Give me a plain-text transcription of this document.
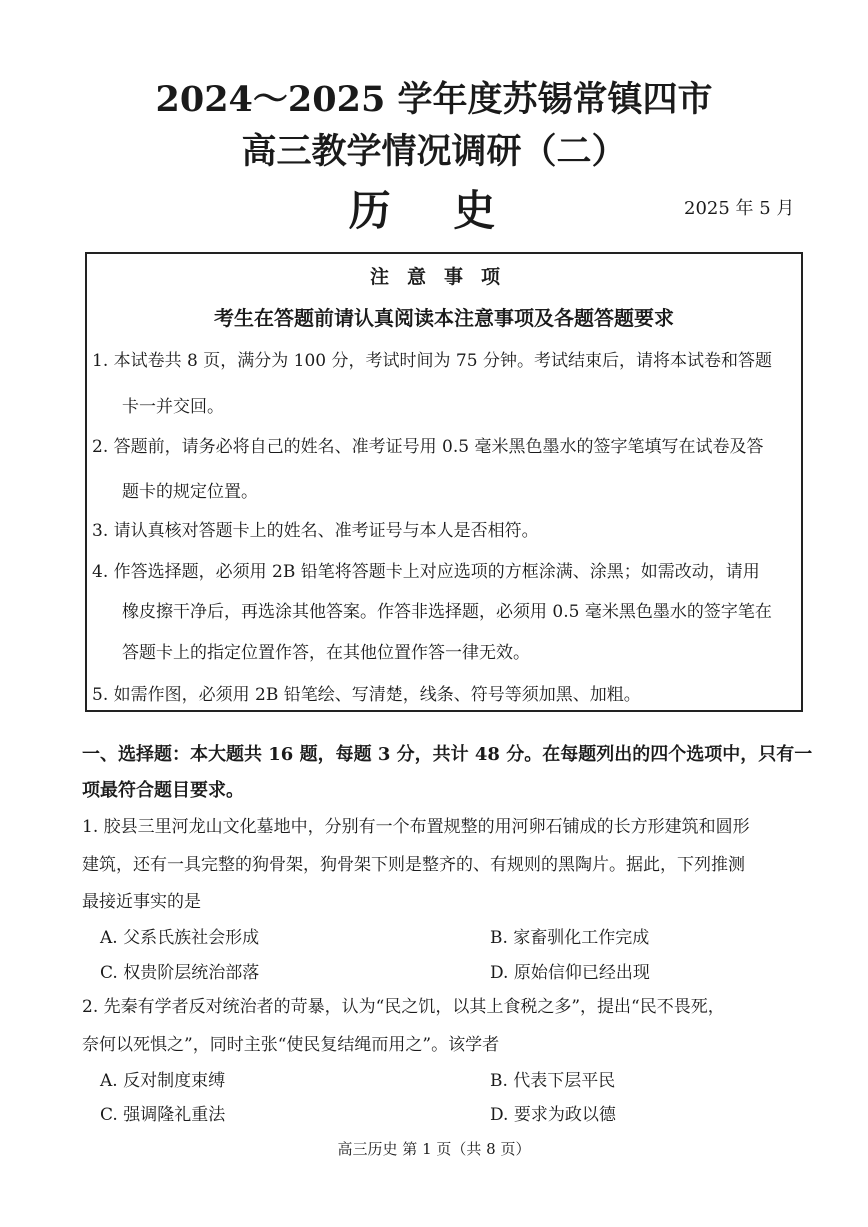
2024～2025 学年度苏锡常镇四市
高三教学情况调研（二）
历 史	2025 年 5 月
注意事项
考生在答题前请认真阅读本注意事项及各题答题要求
1. 本试卷共 8 页，满分为 100 分，考试时间为 75 分钟。考试结束后，请将本试卷和答题
卡一并交回。
2. 答题前，请务必将自己的姓名、准考证号用 0.5 毫米黑色墨水的签字笔填写在试卷及答
题卡的规定位置。
3. 请认真核对答题卡上的姓名、准考证号与本人是否相符。
4. 作答选择题，必须用 2B 铅笔将答题卡上对应选项的方框涂满、涂黑；如需改动，请用
橡皮擦干净后，再选涂其他答案。作答非选择题，必须用 0.5 毫米黑色墨水的签字笔在
答题卡上的指定位置作答，在其他位置作答一律无效。
5. 如需作图，必须用 2B 铅笔绘、写清楚，线条、符号等须加黑、加粗。
一、选择题：本大题共 16 题，每题 3 分，共计 48 分。在每题列出的四个选项中，只有一
项最符合题目要求。
1. 胶县三里河龙山文化墓地中，分别有一个布置规整的用河卵石铺成的长方形建筑和圆形
建筑，还有一具完整的狗骨架，狗骨架下则是整齐的、有规则的黑陶片。据此，下列推测
最接近事实的是
A. 父系氏族社会形成	B. 家畜驯化工作完成
C. 权贵阶层统治部落	D. 原始信仰已经出现
2. 先秦有学者反对统治者的苛暴，认为“民之饥，以其上食税之多”，提出“民不畏死，
奈何以死惧之”，同时主张“使民复结绳而用之”。该学者
A. 反对制度束缚	B. 代表下层平民
C. 强调隆礼重法	D. 要求为政以德
高三历史 第 1 页（共 8 页）
